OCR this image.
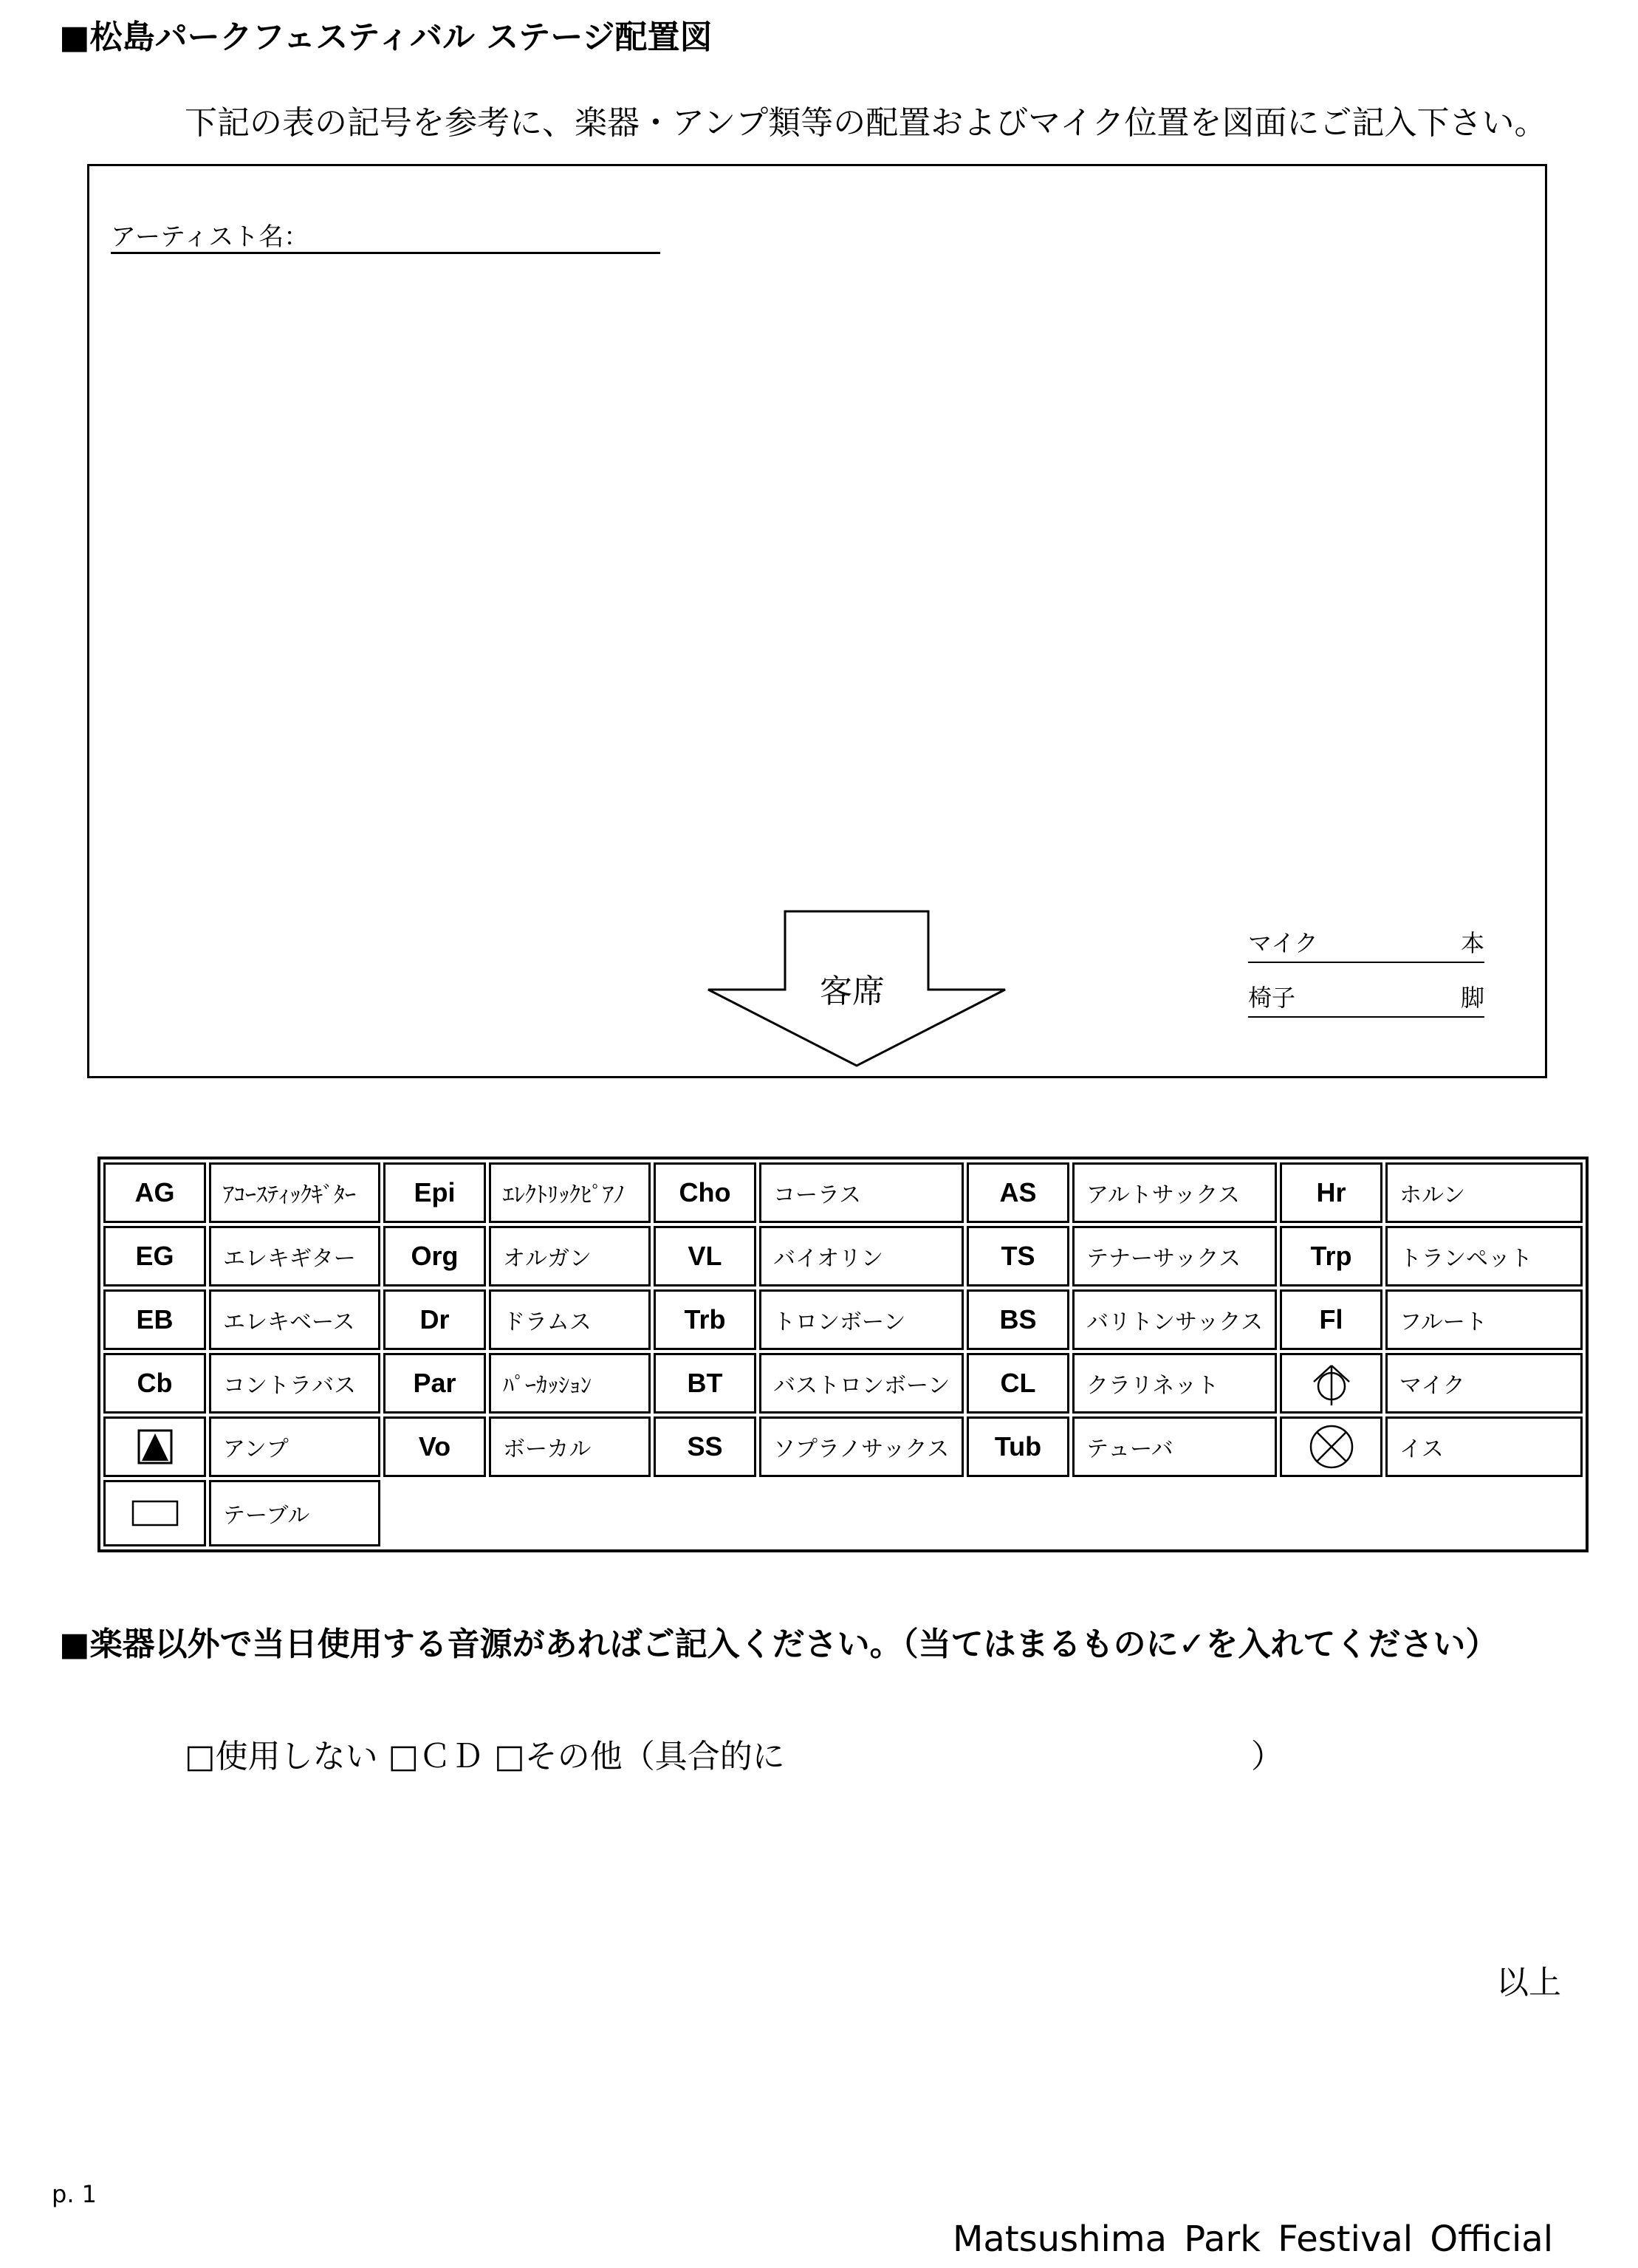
■松島パークフェスティバル ステージ配置図
下記の表の記号を参考に、楽器・アンプ類等の配置およびマイク位置を図面にご記入下さい。
アーティスト名：
客席
マイク	本
椅子	脚
AG	ｱｺｰｽﾃｨｯｸｷﾞﾀｰ	Epi	ｴﾚｸﾄﾘｯｸﾋﾟｱﾉ	Cho	コーラス	AS	アルトサックス	Hr	ホルン
EG	エレキギター	Org	オルガン	VL	バイオリン	TS	テナーサックス	Trp	トランペット
EB	エレキベース	Dr	ドラムス	Trb	トロンボーン	BS	バリトンサックス	Fl	フルート
Cb	コントラバス	Par	ﾊﾟｰｶｯｼｮﾝ	BT	バストロンボーン	CL	クラリネット		マイク

	アンプ	Vo	ボーカル	SS	ソプラノサックス	Tub	テューバ		イス

	テーブル								
■楽器以外で当日使用する音源があればご記入ください。（当てはまるものに✓を入れてください）
□使用しない □ＣＤ □その他（具合的に	）
以上
p. 1
Matsushima Park Festival Official
